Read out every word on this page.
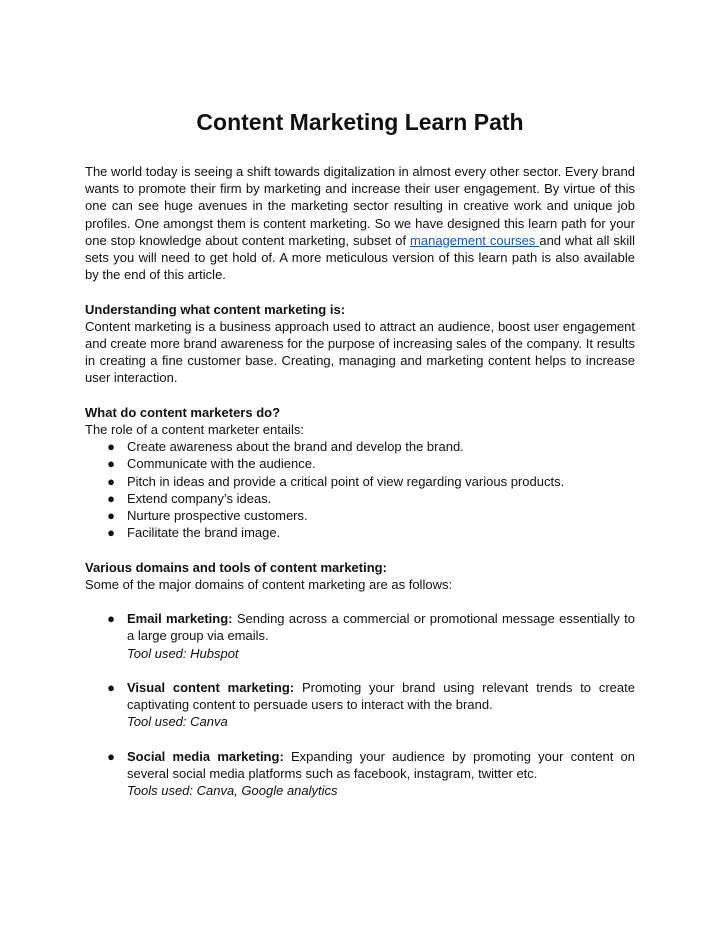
Content Marketing Learn Path

The world today is seeing a shift towards digitalization in almost every other sector. Every brand wants to promote their firm by marketing and increase their user engagement. By virtue of this one can see huge avenues in the marketing sector resulting in creative work and unique job profiles. One amongst them is content marketing. So we have designed this learn path for your one stop knowledge about content marketing, subset of management courses and what all skill sets you will need to get hold of. A more meticulous version of this learn path is also available by the end of this article.

Understanding what content marketing is:

Content marketing is a business approach used to attract an audience, boost user engagement and create more brand awareness for the purpose of increasing sales of the company. It results in creating a fine customer base. Creating, managing and marketing content helps to increase user interaction.

What do content marketers do?

The role of a content marketer entails:

● Create awareness about the brand and develop the brand.
● Communicate with the audience.
● Pitch in ideas and provide a critical point of view regarding various products.
● Extend company’s ideas.
● Nurture prospective customers.
● Facilitate the brand image.

Various domains and tools of content marketing:

Some of the major domains of content marketing are as follows:

● Email marketing: Sending across a commercial or promotional message essentially to a large group via emails.

Tool used: Hubspot

● Visual content marketing: Promoting your brand using relevant trends to create captivating content to persuade users to interact with the brand.

Tool used: Canva

● Social media marketing: Expanding your audience by promoting your content on several social media platforms such as facebook, instagram, twitter etc.

Tools used: Canva, Google analytics
